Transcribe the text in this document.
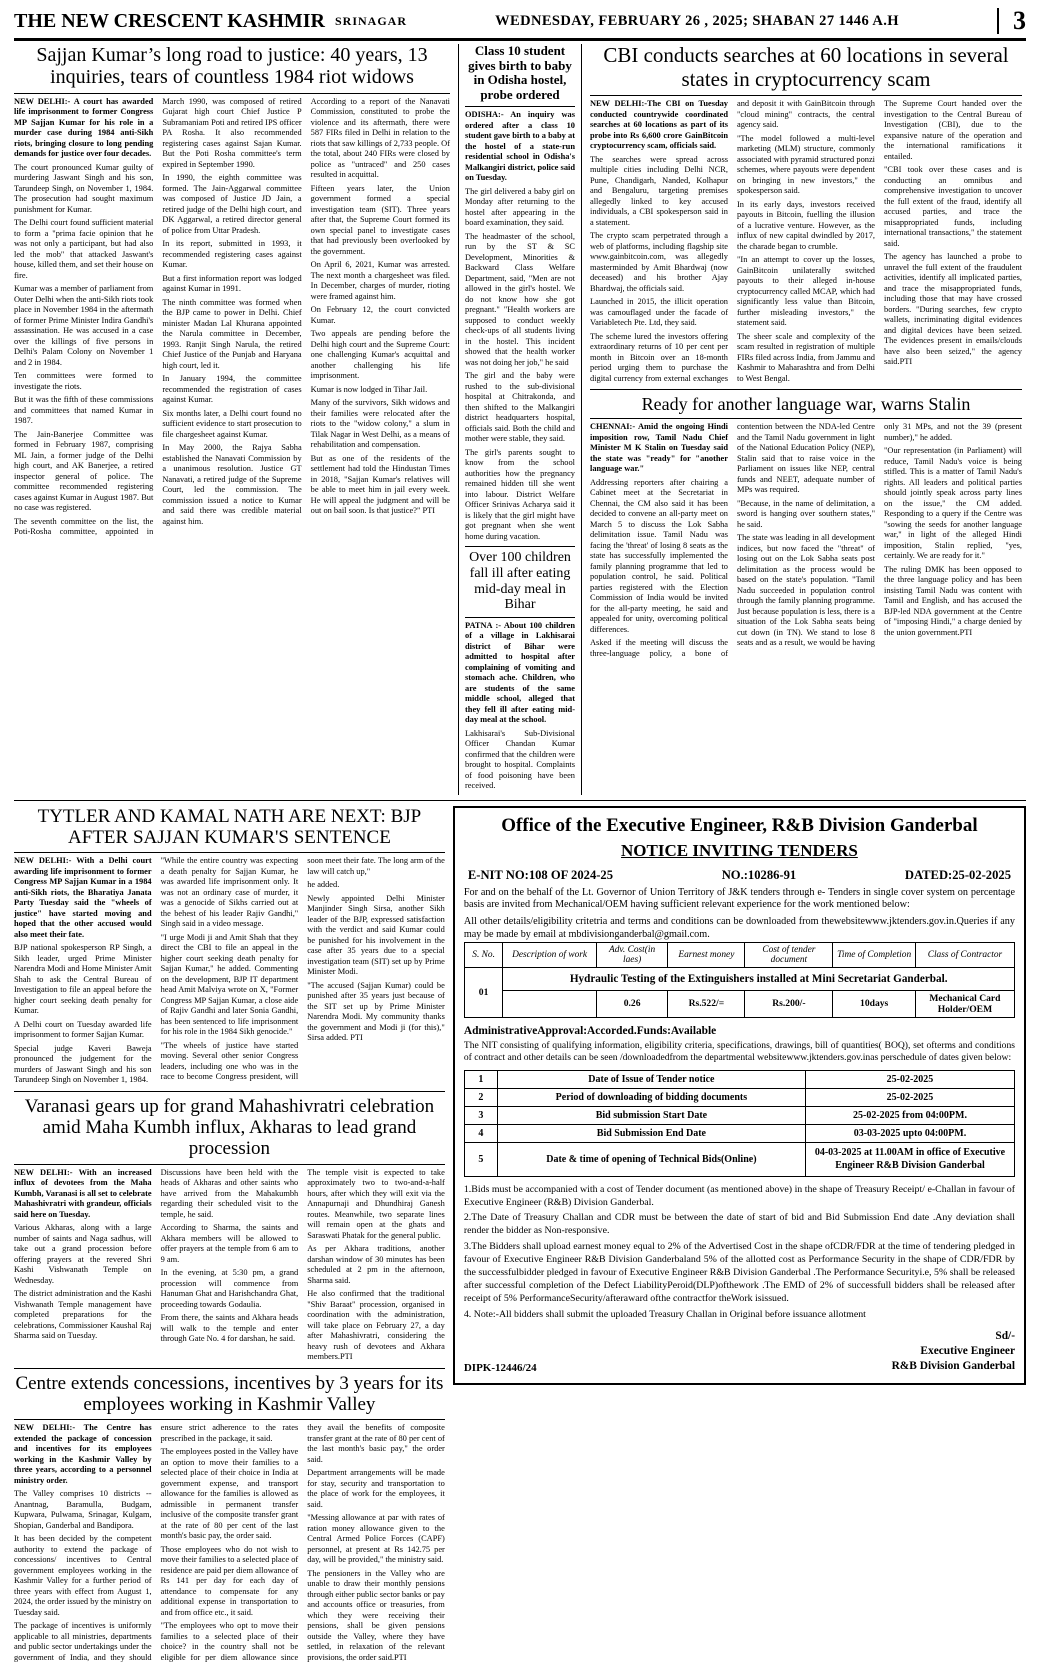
THE NEW CRESCENT KASHMIR SRINAGAR	WEDNESDAY, FEBRUARY 26 , 2025; SHABAN 27 1446 A.H	3
Sajjan Kumar’s long road to justice: 40 years, 13 inquiries, tears of countless 1984 riot widows

NEW DELHI:- A court has awarded life imprisonment to former Congress MP Sajjan Kumar for his role in a murder case during 1984 anti-Sikh riots, bringing closure to long pending demands for justice over four decades.

The court pronounced Kumar guilty of murdering Jaswant Singh and his son, Tarundeep Singh, on November 1, 1984. The prosecution had sought maximum punishment for Kumar.

The Delhi court found sufficient material to form a "prima facie opinion that he was not only a participant, but had also led the mob" that attacked Jaswant's house, killed them, and set their house on fire.

Kumar was a member of parliament from Outer Delhi when the anti-Sikh riots took place in November 1984 in the aftermath of former Prime Minister Indira Gandhi's assassination. He was accused in a case over the killings of five persons in Delhi's Palam Colony on November 1 and 2 in 1984.

Ten committees were formed to investigate the riots.

But it was the fifth of these commissions and committees that named Kumar in 1987.

The Jain-Banerjee Committee was formed in February 1987, comprising ML Jain, a former judge of the Delhi high court, and AK Banerjee, a retired inspector general of police. The committee recommended registering cases against Kumar in August 1987. But no case was registered.

The seventh committee on the list, the Poti-Rosha committee, appointed in March 1990, was composed of retired Gujarat high court Chief Justice P Subramaniam Poti and retired IPS officer PA Rosha. It also recommended registering cases against Sajan Kumar. But the Poti Rosha committee's term expired in September 1990.

In 1990, the eighth committee was formed. The Jain-Aggarwal committee was composed of Justice JD Jain, a retired judge of the Delhi high court, and DK Aggarwal, a retired director general of police from Uttar Pradesh.

In its report, submitted in 1993, it recommended registering cases against Kumar.

But a first information report was lodged against Kumar in 1991.

The ninth committee was formed when the BJP came to power in Delhi. Chief minister Madan Lal Khurana appointed the Narula committee in December, 1993. Ranjit Singh Narula, the retired Chief Justice of the Punjab and Haryana high court, led it.

In January 1994, the committee recommended the registration of cases against Kumar.

Six months later, a Delhi court found no sufficient evidence to start prosecution to file chargesheet against Kumar.

In May 2000, the Rajya Sabha established the Nanavati Commission by a unanimous resolution. Justice GT Nanavati, a retired judge of the Supreme Court, led the commission. The commission issued a notice to Kumar and said there was credible material against him.

According to a report of the Nanavati Commission, constituted to probe the violence and its aftermath, there were 587 FIRs filed in Delhi in relation to the riots that saw killings of 2,733 people. Of the total, about 240 FIRs were closed by police as "untraced" and 250 cases resulted in acquittal.

Fifteen years later, the Union government formed a special investigation team (SIT). Three years after that, the Supreme Court formed its own special panel to investigate cases that had previously been overlooked by the government.

On April 6, 2021, Kumar was arrested. The next month a chargesheet was filed. In December, charges of murder, rioting were framed against him.

On February 12, the court convicted Kumar.

Two appeals are pending before the Delhi high court and the Supreme Court: one challenging Kumar's acquittal and another challenging his life imprisonment.

Kumar is now lodged in Tihar Jail.

Many of the survivors, Sikh widows and their families were relocated after the riots to the "widow colony," a slum in Tilak Nagar in West Delhi, as a means of rehabilitation and compensation.

But as one of the residents of the settlement had told the Hindustan Times in 2018, "Sajjan Kumar's relatives will be able to meet him in jail every week. He will appeal the judgment and will be out on bail soon. Is that justice?" PTI

Class 10 student gives birth to baby in Odisha hostel, probe ordered

ODISHA:- An inquiry was ordered after a class 10 student gave birth to a baby at the hostel of a state-run residential school in Odisha's Malkangiri district, police said on Tuesday.

The girl delivered a baby girl on Monday after returning to the hostel after appearing in the board examination, they said.

The headmaster of the school, run by the ST & SC Development, Minorities & Backward Class Welfare Department, said, "Men are not allowed in the girl's hostel. We do not know how she got pregnant." "Health workers are supposed to conduct weekly check-ups of all students living in the hostel. This incident showed that the health worker was not doing her job," he said

The girl and the baby were rushed to the sub-divisional hospital at Chitrakonda, and then shifted to the Malkangiri district headquarters hospital, officials said. Both the child and mother were stable, they said.

The girl's parents sought to know from the school authorities how the pregnancy remained hidden till she went into labour. District Welfare Officer Srinivas Acharya said it is likely that the girl might have got pregnant when she went home during vacation.

Over 100 children fall ill after eating mid-day meal in Bihar

PATNA :- About 100 children of a village in Lakhisarai district of Bihar were admitted to hospital after complaining of vomiting and stomach ache. Children, who are students of the same middle school, alleged that they fell ill after eating mid-day meal at the school.

Lakhisarai's Sub-Divisional Officer Chandan Kumar confirmed that the children were brought to hospital. Complaints of food poisoning have been received.

CBI conducts searches at 60 locations in several states in cryptocurrency scam

NEW DELHI:-The CBI on Tuesday conducted countrywide coordinated searches at 60 locations as part of its probe into Rs 6,600 crore GainBitcoin cryptocurrency scam, officials said.

The searches were spread across multiple cities including Delhi NCR, Pune, Chandigarh, Nanded, Kolhapur and Bengaluru, targeting premises allegedly linked to key accused individuals, a CBI spokesperson said in a statement.

The crypto scam perpetrated through a web of platforms, including flagship site www.gainbitcoin.com, was allegedly masterminded by Amit Bhardwaj (now deceased) and his brother Ajay Bhardwaj, the officials said.

Launched in 2015, the illicit operation was camouflaged under the facade of Variabletech Pte. Ltd, they said.

The scheme lured the investors offering extraordinary returns of 10 per cent per month in Bitcoin over an 18-month period urging them to purchase the digital currency from external exchanges and deposit it with GainBitcoin through "cloud mining" contracts, the central agency said.

"The model followed a multi-level marketing (MLM) structure, commonly associated with pyramid structured ponzi schemes, where payouts were dependent on bringing in new investors," the spokesperson said.

In its early days, investors received payouts in Bitcoin, fuelling the illusion of a lucrative venture. However, as the influx of new capital dwindled by 2017, the charade began to crumble.

"In an attempt to cover up the losses, GainBitcoin unilaterally switched payouts to their alleged in-house cryptocurrency called MCAP, which had significantly less value than Bitcoin, further misleading investors," the statement said.

The sheer scale and complexity of the scam resulted in registration of multiple FIRs filed across India, from Jammu and Kashmir to Maharashtra and from Delhi to West Bengal.

The Supreme Court handed over the investigation to the Central Bureau of Investigation (CBI), due to the expansive nature of the operation and the international ramifications it entailed.

"CBI took over these cases and is conducting an omnibus and comprehensive investigation to uncover the full extent of the fraud, identify all accused parties, and trace the misappropriated funds, including international transactions," the statement said.

The agency has launched a probe to unravel the full extent of the fraudulent activities, identify all implicated parties, and trace the misappropriated funds, including those that may have crossed borders. "During searches, few crypto wallets, incriminating digital evidences and digital devices have been seized. The evidences present in emails/clouds have also been seized," the agency said.PTI

Ready for another language war, warns Stalin

CHENNAI:- Amid the ongoing Hindi imposition row, Tamil Nadu Chief Minister M K Stalin on Tuesday said the state was "ready" for "another language war."

Addressing reporters after chairing a Cabinet meet at the Secretariat in Chennai, the CM also said it has been decided to convene an all-party meet on March 5 to discuss the Lok Sabha delimitation issue. Tamil Nadu was facing the 'threat' of losing 8 seats as the state has successfully implemented the family planning programme that led to population control, he said. Political parties registered with the Election Commission of India would be invited for the all-party meeting, he said and appealed for unity, overcoming political differences.

Asked if the meeting will discuss the three-language policy, a bone of contention between the NDA-led Centre and the Tamil Nadu government in light of the National Education Policy (NEP), Stalin said that to raise voice in the Parliament on issues like NEP, central funds and NEET, adequate number of MPs was required.

"Because, in the name of delimitation, a sword is hanging over southern states," he said.

The state was leading in all development indices, but now faced the "threat" of losing out on the Lok Sabha seats post delimitation as the process would be based on the state's population. "Tamil Nadu succeeded in population control through the family planning programme. Just because population is less, there is a situation of the Lok Sabha seats being cut down (in TN). We stand to lose 8 seats and as a result, we would be having only 31 MPs, and not the 39 (present number)," he added.

"Our representation (in Parliament) will reduce, Tamil Nadu's voice is being stifled. This is a matter of Tamil Nadu's rights. All leaders and political parties should jointly speak across party lines on the issue," the CM added. Responding to a query if the Centre was "sowing the seeds for another language war," in light of the alleged Hindi imposition, Stalin replied, "yes, certainly. We are ready for it."

The ruling DMK has been opposed to the three language policy and has been insisting Tamil Nadu was content with Tamil and English, and has accused the BJP-led NDA government at the Centre of "imposing Hindi," a charge denied by the union government.PTI

TYTLER AND KAMAL NATH ARE NEXT: BJP AFTER SAJJAN KUMAR'S SENTENCE

NEW DELHI:- With a Delhi court awarding life imprisonment to former Congress MP Sajjan Kumar in a 1984 anti-Sikh riots, the Bharatiya Janata Party Tuesday said the "wheels of justice" have started moving and hoped that the other accused would also meet their fate.

BJP national spokesperson RP Singh, a Sikh leader, urged Prime Minister Narendra Modi and Home Minister Amit Shah to ask the Central Bureau of Investigation to file an appeal before the higher court seeking death penalty for Kumar.

A Delhi court on Tuesday awarded life imprisonment to former Sajjan Kumar.

Special judge Kaveri Baweja pronounced the judgement for the murders of Jaswant Singh and his son Tarundeep Singh on November 1, 1984.

"While the entire country was expecting a death penalty for Sajjan Kumar, he was awarded life imprisonment only. It was not an ordinary case of murder, it was a genocide of Sikhs carried out at the behest of his leader Rajiv Gandhi," Singh said in a video message.

"I urge Modi ji and Amit Shah that they direct the CBI to file an appeal in the higher court seeking death penalty for Sajjan Kumar," he added. Commenting on the development, BJP IT department head Amit Malviya wrote on X, "Former Congress MP Sajjan Kumar, a close aide of Rajiv Gandhi and later Sonia Gandhi, has been sentenced to life imprisonment for his role in the 1984 Sikh genocide."

"The wheels of justice have started moving. Several other senior Congress leaders, including one who was in the race to become Congress president, will soon meet their fate. The long arm of the law will catch up,"

he added.

Newly appointed Delhi Minister Manjinder Singh Sirsa, another Sikh leader of the BJP, expressed satisfaction with the verdict and said Kumar could be punished for his involvement in the case after 35 years due to a special investigation team (SIT) set up by Prime Minister Modi.

"The accused (Sajjan Kumar) could be punished after 35 years just because of the SIT set up by Prime Minister Narendra Modi. My community thanks the government and Modi ji (for this)," Sirsa added. PTI

Varanasi gears up for grand Mahashivratri celebration amid Maha Kumbh influx, Akharas to lead grand procession

NEW DELHI:- With an increased influx of devotees from the Maha Kumbh, Varanasi is all set to celebrate Mahashivratri with grandeur, officials said here on Tuesday.

Various Akharas, along with a large number of saints and Naga sadhus, will take out a grand procession before offering prayers at the revered Shri Kashi Vishwanath Temple on Wednesday.

The district administration and the Kashi Vishwanath Temple management have completed preparations for the celebrations, Commissioner Kaushal Raj Sharma said on Tuesday.

Discussions have been held with the heads of Akharas and other saints who have arrived from the Mahakumbh regarding their scheduled visit to the temple, he said.

According to Sharma, the saints and Akhara members will be allowed to offer prayers at the temple from 6 am to 9 am.

In the evening, at 5:30 pm, a grand procession will commence from Hanuman Ghat and Harishchandra Ghat, proceeding towards Godaulia.

From there, the saints and Akhara heads will walk to the temple and enter through Gate No. 4 for darshan, he said.

The temple visit is expected to take approximately two to two-and-a-half hours, after which they will exit via the Annapurnaji and Dhundhiraj Ganesh routes. Meanwhile, two separate lines will remain open at the ghats and Saraswati Phatak for the general public.

As per Akhara traditions, another darshan window of 30 minutes has been scheduled at 2 pm in the afternoon, Sharma said.

He also confirmed that the traditional "Shiv Baraat" procession, organised in coordination with the administration, will take place on February 27, a day after Mahashivratri, considering the heavy rush of devotees and Akhara members.PTI

Centre extends concessions, incentives by 3 years for its employees working in Kashmir Valley

NEW DELHI:- The Centre has extended the package of concession and incentives for its employees working in the Kashmir Valley by three years, according to a personnel ministry order.

The Valley comprises 10 districts -- Anantnag, Baramulla, Budgam, Kupwara, Pulwama, Srinagar, Kulgam, Shopian, Ganderbal and Bandipora.

It has been decided by the competent authority to extend the package of concessions/ incentives to Central government employees working in the Kashmir Valley for a further period of three years with effect from August 1, 2024, the order issued by the ministry on Tuesday said.

The package of incentives is uniformly applicable to all ministries, departments and public sector undertakings under the government of India, and they should ensure strict adherence to the rates prescribed in the package, it said.

The employees posted in the Valley have an option to move their families to a selected place of their choice in India at government expense, and transport allowance for the families is allowed as admissible in permanent transfer inclusive of the composite transfer grant at the rate of 80 per cent of the last month's basic pay, the order said.

Those employees who do not wish to move their families to a selected place of residence are paid per diem allowance of Rs 141 per day for each day of attendance to compensate for any additional expense in transportation to and from office etc., it said.

"The employees who opt to move their families to a selected place of their choice? in the country shall not be eligible for per diem allowance since they avail the benefits of composite transfer grant at the rate of 80 per cent of the last month's basic pay," the order said.

Department arrangements will be made for stay, security and transportation to the place of work for the employees, it said.

"Messing allowance at par with rates of ration money allowance given to the Central Armed Police Forces (CAPF) personnel, at present at Rs 142.75 per day, will be provided," the ministry said.

The pensioners in the Valley who are unable to draw their monthly pensions through either public sector banks or pay and accounts office or treasuries, from which they were receiving their pensions, shall be given pensions outside the Valley, where they have settled, in relaxation of the relevant provisions, the order said.PTI

Office of the Executive Engineer, R&B Division Ganderbal
NOTICE INVITING TENDERS
E-NIT NO:108 OF 2024-25	NO.:10286-91	DATED:25-02-2025
For and on the behalf of the Lt. Governor of Union Territory of J&K tenders through e- Tenders in single cover system on percentage basis are invited from Mechanical/OEM having sufficient relevant experience for the work mentioned below:
All other details/eligibility critetria and terms and conditions can be downloaded from thewebsitewww.jktenders.gov.in.Queries if any may be made by email at mbdivisionganderbal@gmail.com.
S. No.	Description of work	Adv. Cost(in laes)	Earnest money	Cost of tender document	Time of Completion	Class of Contractor
01	Hydraulic Testing of the Extinguishers installed at Mini Secretariat Ganderbal.					
		0.26	Rs.522/=	Rs.200/-	10days	Mechanical Card Holder/OEM
AdministrativeApproval:Accorded.Funds:Available
The NIT consisting of qualifying information, eligibility criteria, specifications, drawings, bill of quantities( BOQ), set ofterms and conditions of contract and other details can be seen /downloadedfrom the departmental websitewww.jktenders.gov.inas perschedule of dates given below:
1	Date of Issue of Tender notice	25-02-2025
2	Period of downloading of bidding documents	25-02-2025
3	Bid submission Start Date	25-02-2025 from 04:00PM.
4	Bid Submission End Date	03-03-2025 upto 04:00PM.
5	Date & time of opening of Technical Bids(Online)	04-03-2025 at 11.00AM in office of Executive Engineer R&B Division Ganderbal

1.Bids must be accompanied with a cost of Tender document (as mentioned above) in the shape of Treasury Receipt/ e-Challan in favour of Executive Engineer (R&B) Division Ganderbal.

2.The Date of Treasury Challan and CDR must be between the date of start of bid and Bid Submission End date .Any deviation shall render the bidder as Non-responsive.

3.The Bidders shall upload earnest money equal to 2% of the Advertised Cost in the shape ofCDR/FDR at the time of tendering pledged in favour of Executive Engineer R&B Division Ganderbaland 5% of the allotted cost as Performance Security in the shape of CDR/FDR by the successfulbidder pledged in favour of Executive Engineer R&B Division Ganderbal .The Performance Securityi.e, 5% shall be released after successful completion of the Defect LiabilityPeroid(DLP)ofthework .The EMD of 2% of successfull bidders shall be released after receipt of 5% PerformanceSecurity/afteraward ofthe contractfor theWork isissued.

4. Note:-All bidders shall submit the uploaded Treasury Challan in Original before issuance allotment

DIPK-12446/24
Sd/-
Executive Engineer
R&B Division Ganderbal
